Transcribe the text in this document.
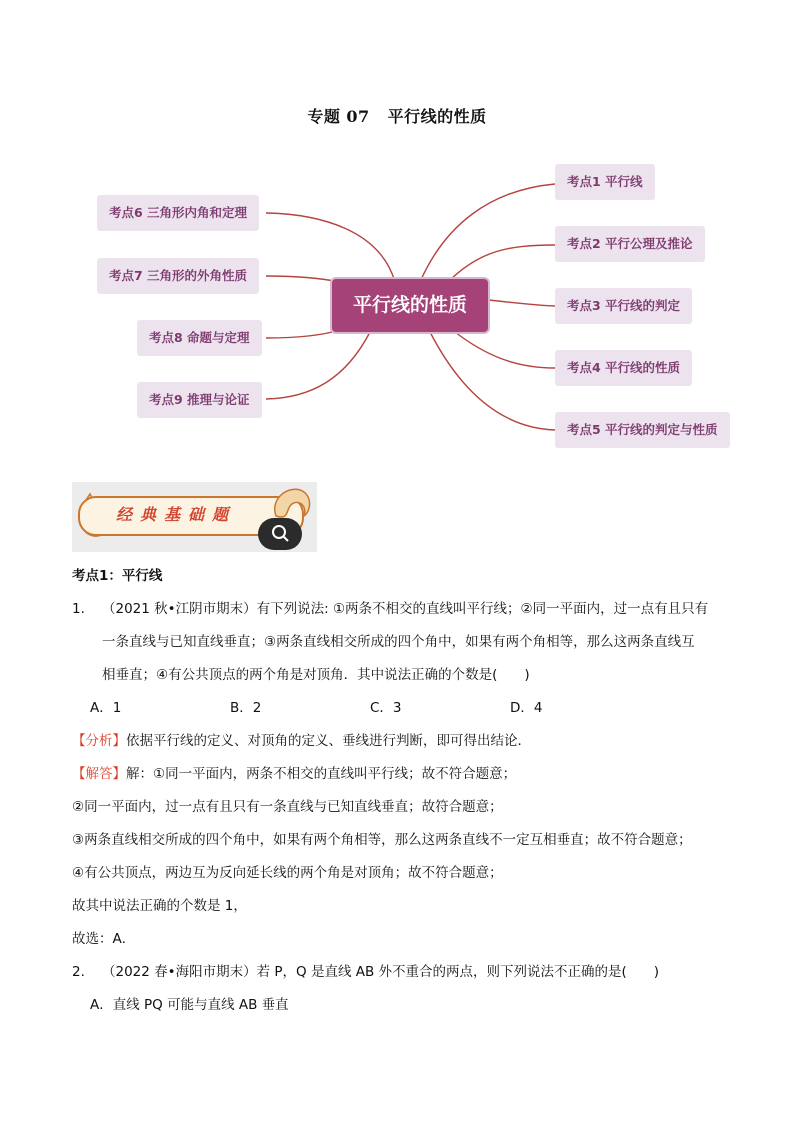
专题 07 平行线的性质
考点6 三角形内角和定理
考点7 三角形的外角性质
考点8 命题与定理
考点9 推理与论证
考点1 平行线
考点2 平行公理及推论
考点3 平行线的判定
考点4 平行线的性质
考点5 平行线的判定与性质
平行线的性质
经典基础题

考点1：平行线

1.	（2021 秋•江阴市期末）有下列说法: ①两条不相交的直线叫平行线；②同一平面内，过一点有且只有

一条直线与已知直线垂直；③两条直线相交所成的四个角中，如果有两个角相等，那么这两条直线互

相垂直；④有公共顶点的两个角是对顶角．其中说法正确的个数是(　　)

A．1	B．2	C．3	D．4

【分析】依据平行线的定义、对顶角的定义、垂线进行判断，即可得出结论．

【解答】解：①同一平面内，两条不相交的直线叫平行线；故不符合题意；

②同一平面内，过一点有且只有一条直线与已知直线垂直；故符合题意；

③两条直线相交所成的四个角中，如果有两个角相等，那么这两条直线不一定互相垂直；故不符合题意；

④有公共顶点，两边互为反向延长线的两个角是对顶角；故不符合题意；

故其中说法正确的个数是 1，

故选：A．

2.	（2022 春•海阳市期末）若 P，Q 是直线 AB 外不重合的两点，则下列说法不正确的是(　　)

A．直线 PQ 可能与直线 AB 垂直
